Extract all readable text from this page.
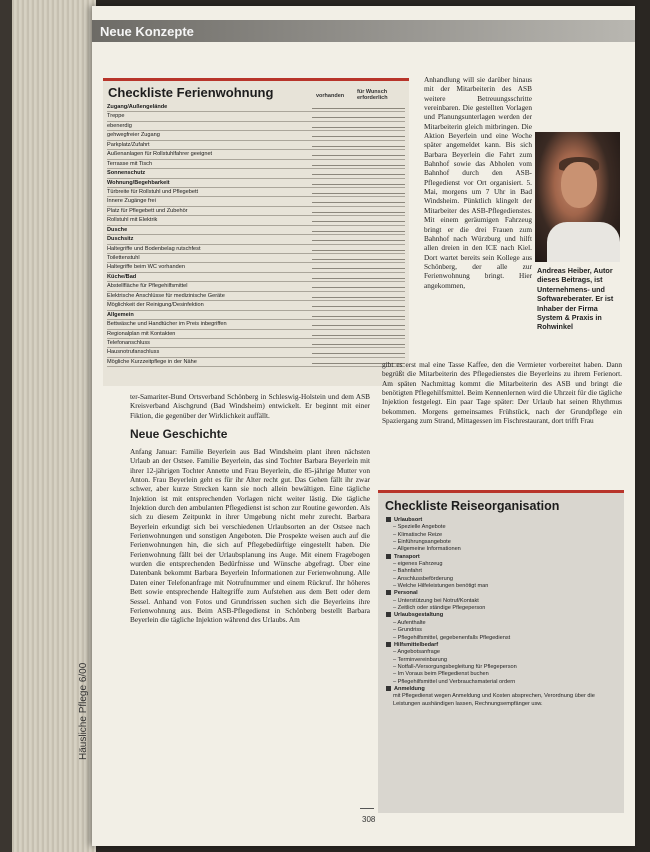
Neue Konzepte
Häusliche Pflege 6/00
Checkliste Ferienwohnung	vorhanden
für Wunsch erforderlich
Zugang/Außengelände
Treppe
ebenerdig
gehwegfreier Zugang
Parkplatz/Zufahrt
Außenanlagen für Rollstuhlfahrer geeignet
Terrasse mit Tisch
Sonnenschutz
Wohnung/Begehbarkeit
Türbreite für Rollstuhl und Pflegebett
Innere Zugänge frei
Platz für Pflegebett und Zubehör
Rollstuhl mit Elektrik
Dusche
Duschsitz
Haltegriffe und Bodenbelag rutschfest
Toilettenstuhl
Haltegriffe beim WC vorhanden
Küche/Bad
Abstellfläche für Pflegehilfsmittel
Elektrische Anschlüsse für medizinische Geräte
Möglichkeit der Reinigung/Desinfektion
Allgemein
Bettwäsche und Handtücher im Preis inbegriffen
Regionalplan mit Kontakten
Telefonanschluss
Hausnotrufanschluss
Mögliche Kurzzeitpflege in der Nähe
Anhandlung will sie darüber hinaus mit der Mitarbeiterin des ASB weitere Betreuungsschritte vereinbaren. Die gestellten Vorlagen und Planungsunterlagen werden der Mitarbeiterin gleich mitbringen. Die Aktion Beyerlein und eine Woche später angemeldet kann. Bis sich Barbara Beyerlein die Fahrt zum Bahnhof sowie das Abholen vom Bahnhof durch den ASB-Pflegedienst vor Ort organisiert. 5. Mai, morgens um 7 Uhr in Bad Windsheim. Pünktlich klingelt der Mitarbeiter des ASB-Pflegedienstes. Mit einem geräumigen Fahrzeug bringt er die drei Frauen zum Bahnhof nach Würzburg und hilft allen dreien in den ICE nach Kiel. Dort wartet bereits sein Kollege aus Schönberg, der alle zur Ferienwohnung bringt. Hier angekommen,
Andreas Heiber, Autor dieses Beitrags, ist Unternehmens- und Softwareberater. Er ist Inhaber der Firma System & Praxis in Rohwinkel
gibt es erst mal eine Tasse Kaffee, den die Vermieter vorbereitet haben. Dann begrüßt die Mitarbeiterin des Pflegedienstes die Beyerleins zu ihrem Ferienort. Am späten Nachmittag kommt die Mitarbeiterin des ASB und bringt die benötigten Pflegehilfsmittel. Beim Kennenlernen wird die Uhrzeit für die tägliche Injektion festgelegt. Ein paar Tage später: Der Urlaub hat seinen Rhythmus bekommen. Morgens gemeinsames Frühstück, nach der Grundpflege ein Spaziergang zum Strand, Mittagessen im Fischrestaurant, dort trifft Frau
ter-Samariter-Bund Ortsverband Schönberg in Schleswig-Holstein und dem ASB Kreisverband Aischgrund (Bad Windsheim) entwickelt. Er beginnt mit einer Fiktion, die gegenüber der Wirklichkeit auffällt.
Neue Geschichte
Anfang Januar: Familie Beyerlein aus Bad Windsheim plant ihren nächsten Urlaub an der Ostsee. Familie Beyerlein, das sind Tochter Barbara Beyerlein mit ihrer 12-jährigen Tochter Annette und Frau Beyerlein, die 85-jährige Mutter von Anton. Frau Beyerlein geht es für ihr Alter recht gut. Das Gehen fällt ihr zwar schwer, aber kurze Strecken kann sie noch allein bewältigen. Eine tägliche Injektion ist mit entsprechenden Vorlagen nicht weiter lästig. Die tägliche Injektion durch den ambulanten Pflegedienst ist schon zur Routine geworden. Als sich zu diesem Zeitpunkt in ihrer Umgebung nicht mehr zurecht. Barbara Beyerlein erkundigt sich bei verschiedenen Urlaubsorten an der Ostsee nach Ferienwohnungen und sonstigen Angeboten. Die Prospekte weisen auch auf die Ferienwohnungen hin, die sich auf Pflegebedürftige eingestellt haben. Die Ferienwohnung fällt bei der Urlaubsplanung ins Auge. Mit einem Fragebogen wurden die entsprechenden Bedürfnisse und Wünsche abgefragt. Über eine Datenbank bekommt Barbara Beyerlein Informationen zur Ferienwohnung. Alle Daten einer Telefonanfrage mit Notrufnummer und einem Rückruf. Ihr höheres Bett sowie entsprechende Haltegriffe zum Aufstehen aus dem Bett oder dem Sessel. Anhand von Fotos und Grundrissen suchen sich die Beyerleins ihre Ferienwohnung aus. Beim ASB-Pflegedienst in Schönberg bestellt Barbara Beyerlein die tägliche Injektion während des Urlaubs. Am
Checkliste Reiseorganisation
Urlaubsort
– Spezielle Angebote
– Klimatische Reize
– Einführungsangebote
– Allgemeine Informationen
Transport
– eigenes Fahrzeug
– Bahnfahrt
– Anschlussbeförderung
– Welche Hilfeleistungen benötigt man
Personal
– Unterstützung bei Notruf/Kontakt
– Zeitlich oder ständige Pflegeperson
Urlaubsgestaltung
– Aufenthalte
– Grundriss
– Pflegehilfsmittel, gegebenenfalls Pflegedienst
Hilfsmittelbedarf
– Angebotsanfrage
– Terminvereinbarung
– Notfall-/Versorgungsbegleitung für Pflegeperson
– Im Voraus beim Pflegedienst buchen
– Pflegehilfsmittel und Verbrauchsmaterial ordern
Anmeldung
mit Pflegedienst wegen Anmeldung und Kosten absprechen, Verordnung über die Leistungen aushändigen lassen, Rechnungsempfänger usw.
308
